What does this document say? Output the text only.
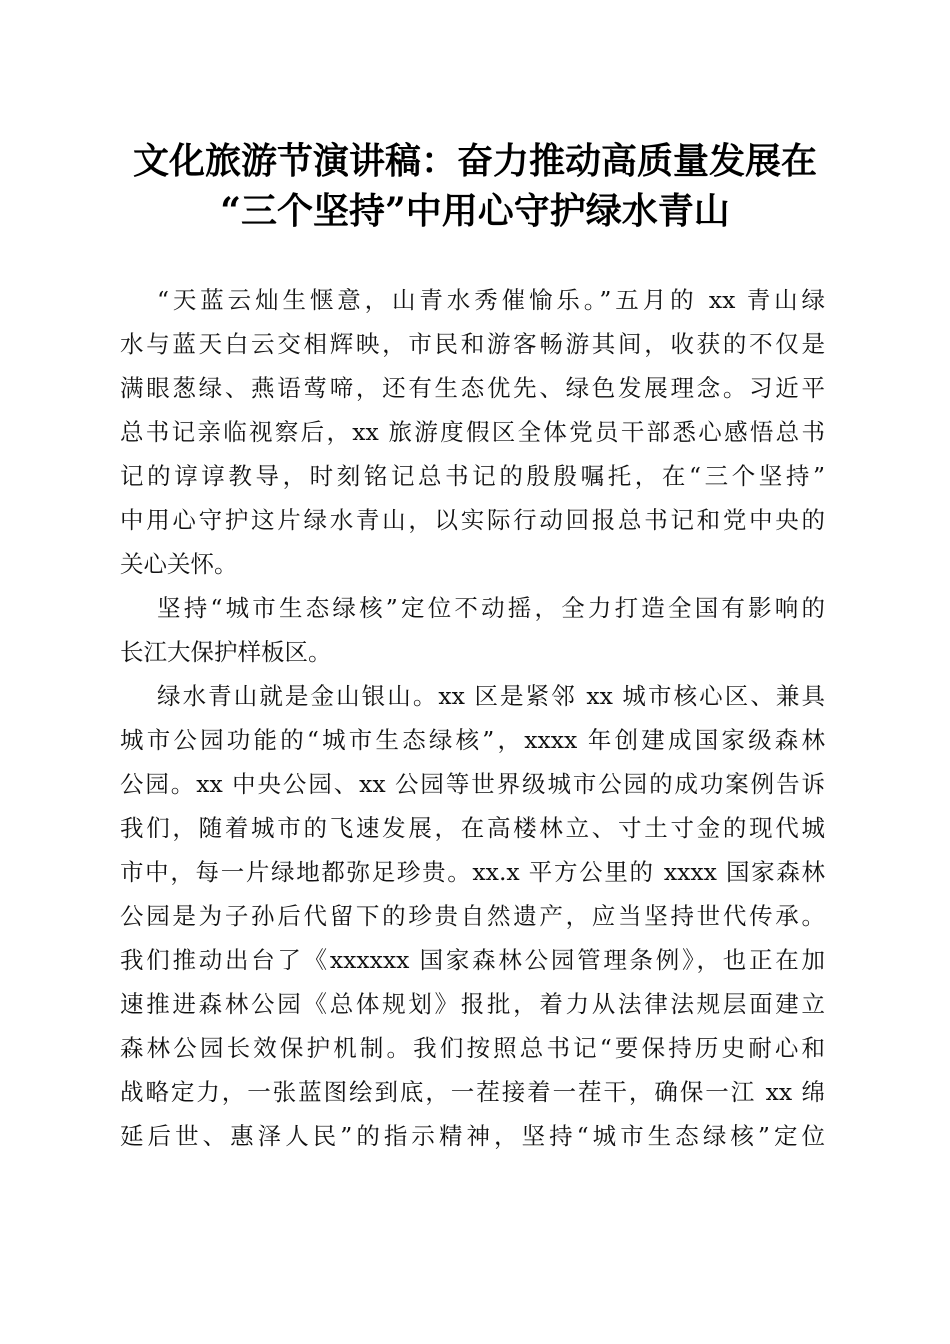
文化旅游节演讲稿：奋力推动高质量发展在
“三个坚持”中用心守护绿水青山
“天蓝云灿生惬意，山青水秀催愉乐。”五月的 xx 青山绿
水与蓝天白云交相辉映，市民和游客畅游其间，收获的不仅是
满眼葱绿、燕语莺啼，还有生态优先、绿色发展理念。习近平
总书记亲临视察后，xx 旅游度假区全体党员干部悉心感悟总书
记的谆谆教导，时刻铭记总书记的殷殷嘱托，在“三个坚持”
中用心守护这片绿水青山，以实际行动回报总书记和党中央的
关心关怀。
坚持“城市生态绿核”定位不动摇，全力打造全国有影响的
长江大保护样板区。
绿水青山就是金山银山。xx 区是紧邻 xx 城市核心区、兼具
城市公园功能的“城市生态绿核”，xxxx 年创建成国家级森林
公园。xx 中央公园、xx 公园等世界级城市公园的成功案例告诉
我们，随着城市的飞速发展，在高楼林立、寸土寸金的现代城
市中，每一片绿地都弥足珍贵。xx.x 平方公里的 xxxx 国家森林
公园是为子孙后代留下的珍贵自然遗产，应当坚持世代传承。
我们推动出台了《xxxxxx 国家森林公园管理条例》，也正在加
速推进森林公园《总体规划》报批，着力从法律法规层面建立
森林公园长效保护机制。我们按照总书记“要保持历史耐心和
战略定力，一张蓝图绘到底，一茬接着一茬干，确保一江 xx 绵
延后世、惠泽人民”的指示精神，坚持“城市生态绿核”定位
